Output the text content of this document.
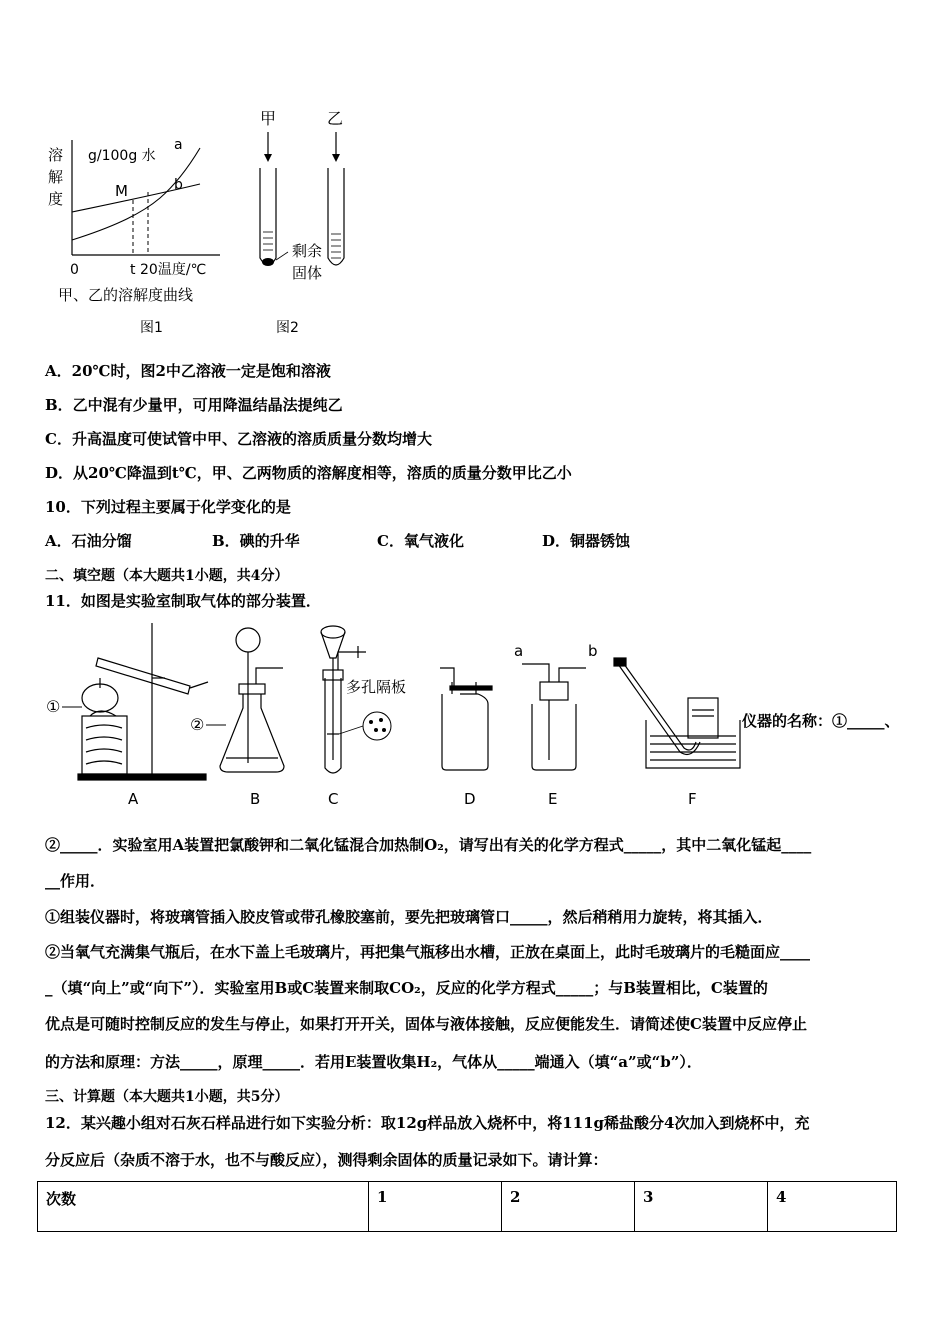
溶
解
度
g/100g 水
a
b
M
0	t 20温度/℃
甲、乙的溶解度曲线
图1
甲	乙
剩余
固体
图2
A．20℃时，图2中乙溶液一定是饱和溶液
B．乙中混有少量甲，可用降温结晶法提纯乙
C．升高温度可使试管中甲、乙溶液的溶质质量分数均增大
D．从20℃降温到t℃，甲、乙两物质的溶解度相等，溶质的质量分数甲比乙小
10．下列过程主要属于化学变化的是
A．石油分馏	B．碘的升华	C．氧气液化	D．铜器锈蚀
二、填空题（本大题共1小题，共4分）
11．如图是实验室制取气体的部分装置．
①
②
多孔隔板
a	b
A	B	C	D	E	F
仪器的名称：①_____、
②_____．实验室用A装置把氯酸钾和二氧化锰混合加热制O₂，请写出有关的化学方程式_____，其中二氧化锰起____
__作用．
①组装仪器时，将玻璃管插入胶皮管或带孔橡胶塞前，要先把玻璃管口_____，然后稍稍用力旋转，将其插入．
②当氧气充满集气瓶后，在水下盖上毛玻璃片，再把集气瓶移出水槽，正放在桌面上，此时毛玻璃片的毛糙面应____
_（填“向上”或“向下”）．实验室用B或C装置来制取CO₂，反应的化学方程式_____；与B装置相比，C装置的
优点是可随时控制反应的发生与停止，如果打开开关，固体与液体接触，反应便能发生．请简述使C装置中反应停止
的方法和原理：方法_____，原理_____．若用E装置收集H₂，气体从_____端通入（填“a”或“b”）．
三、计算题（本大题共1小题，共5分）
12．某兴趣小组对石灰石样品进行如下实验分析：取12g样品放入烧杯中，将111g稀盐酸分4次加入到烧杯中，充
分反应后（杂质不溶于水，也不与酸反应），测得剩余固体的质量记录如下。请计算：
次数	1	2	3	4
